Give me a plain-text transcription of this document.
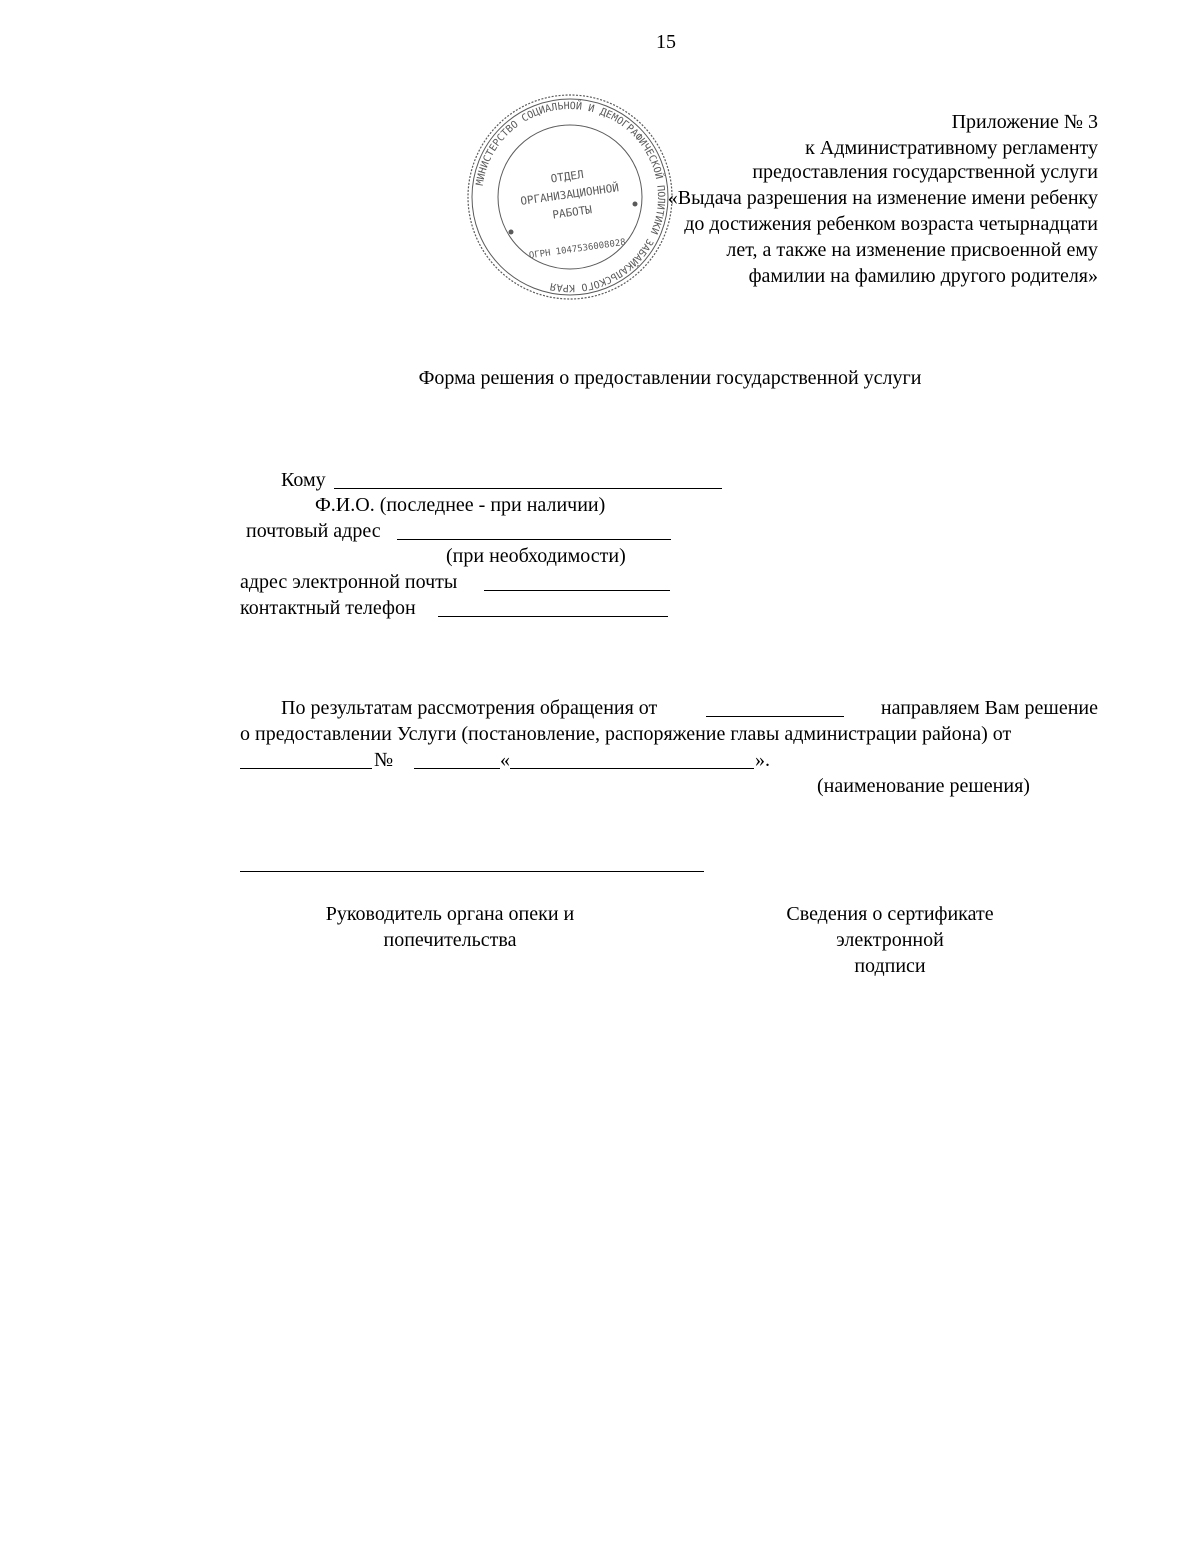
15
МИНИСТЕРСТВО СОЦИАЛЬНОЙ И ДЕМОГРАФИЧЕСКОЙ ПОЛИТИКИ ЗАБАЙКАЛЬСКОГО КРАЯ
ОТДЕЛ
ОРГАНИЗАЦИОННОЙ
РАБОТЫ
ОГРН 1047536008028
Приложение № 3
к Административному регламенту
предоставления государственной услуги
«Выдача разрешения на изменение имени ребенку
до достижения ребенком возраста четырнадцати
лет, а также на изменение присвоенной ему
фамилии на фамилию другого родителя»
Форма решения о предоставлении государственной услуги
Кому
Ф.И.О. (последнее - при наличии)
почтовый адрес
(при необходимости)
адрес электронной почты
контактный телефон
По результатам рассмотрения обращения от	направляем Вам решение
о предоставлении Услуги (постановление, распоряжение главы администрации района) от
№	«	».
(наименование решения)
Руководитель органа опеки и
попечительства
Сведения о сертификате
электронной
подписи
